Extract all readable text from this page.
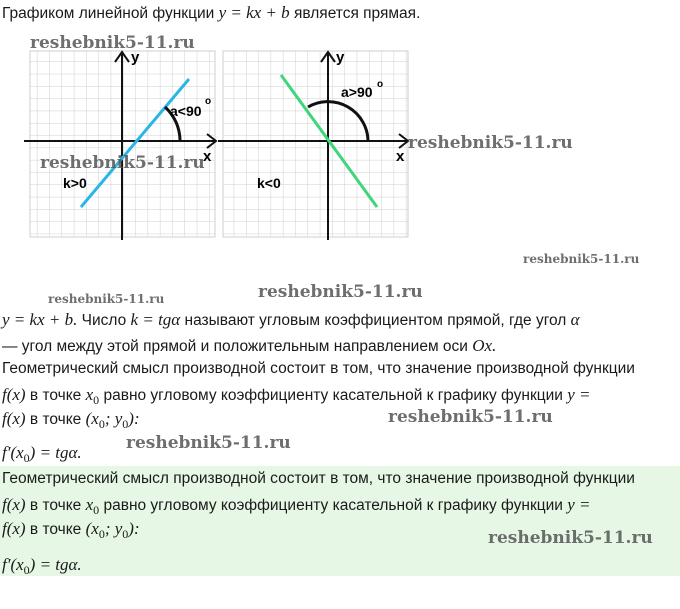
Графиком линейной функции y = kx + b является прямая.
y
x
a<90
o
k>0
y
x
a>90 o
k<0
y = kx + b. Число k = tgα называют угловым коэффициентом прямой, где угол α
— угол между этой прямой и положительным направлением оси Ox.
Геометрический смысл производной состоит в том, что значение производной функции
f(x) в точке $x_0$ равно угловому коэффициенту касательной к графику функции y =
f(x) в точке ($x_0$; $y_0$):
$f'(x_0) = tg\alpha$.
Геометрический смысл производной состоит в том, что значение производной функции
f(x) в точке $x_0$ равно угловому коэффициенту касательной к графику функции y =
f(x) в точке ($x_0$; $y_0$):
$f'(x_0) = tg\alpha$.
reshebnik5-11.ru
reshebnik5-11.ru
reshebnik5-11.ru
reshebnik5-11.ru
reshebnik5-11.ru
reshebnik5-11.ru
reshebnik5-11.ru
reshebnik5-11.ru
reshebnik5-11.ru
